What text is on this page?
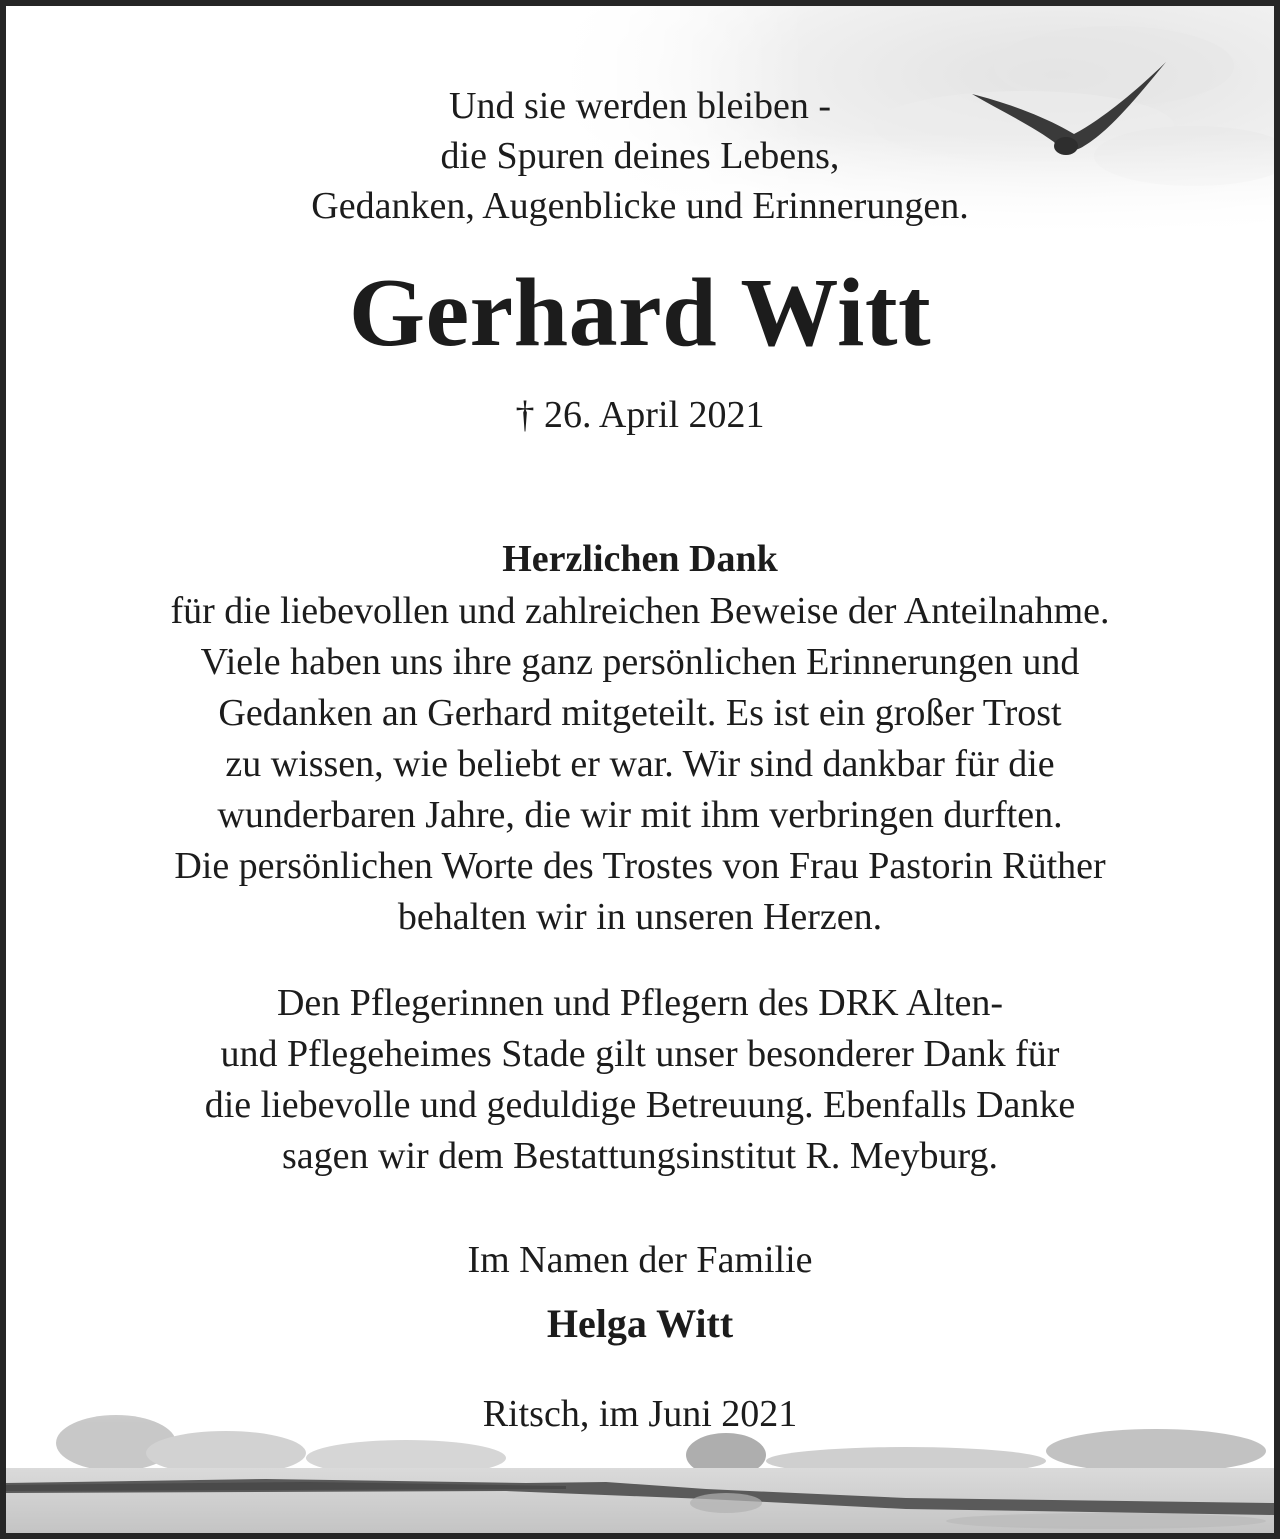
Und sie werden bleiben -
die Spuren deines Lebens,
Gedanken, Augenblicke und Erinnerungen.
Gerhard Witt
† 26. April 2021
Herzlichen Dank
für die liebevollen und zahlreichen Beweise der Anteilnahme.
Viele haben uns ihre ganz persönlichen Erinnerungen und
Gedanken an Gerhard mitgeteilt. Es ist ein großer Trost
zu wissen, wie beliebt er war. Wir sind dankbar für die
wunderbaren Jahre, die wir mit ihm verbringen durften.
Die persönlichen Worte des Trostes von Frau Pastorin Rüther
behalten wir in unseren Herzen.
Den Pflegerinnen und Pflegern des DRK Alten-
und Pflegeheimes Stade gilt unser besonderer Dank für
die liebevolle und geduldige Betreuung. Ebenfalls Danke
sagen wir dem Bestattungsinstitut R. Meyburg.
Im Namen der Familie
Helga Witt
Ritsch, im Juni 2021
